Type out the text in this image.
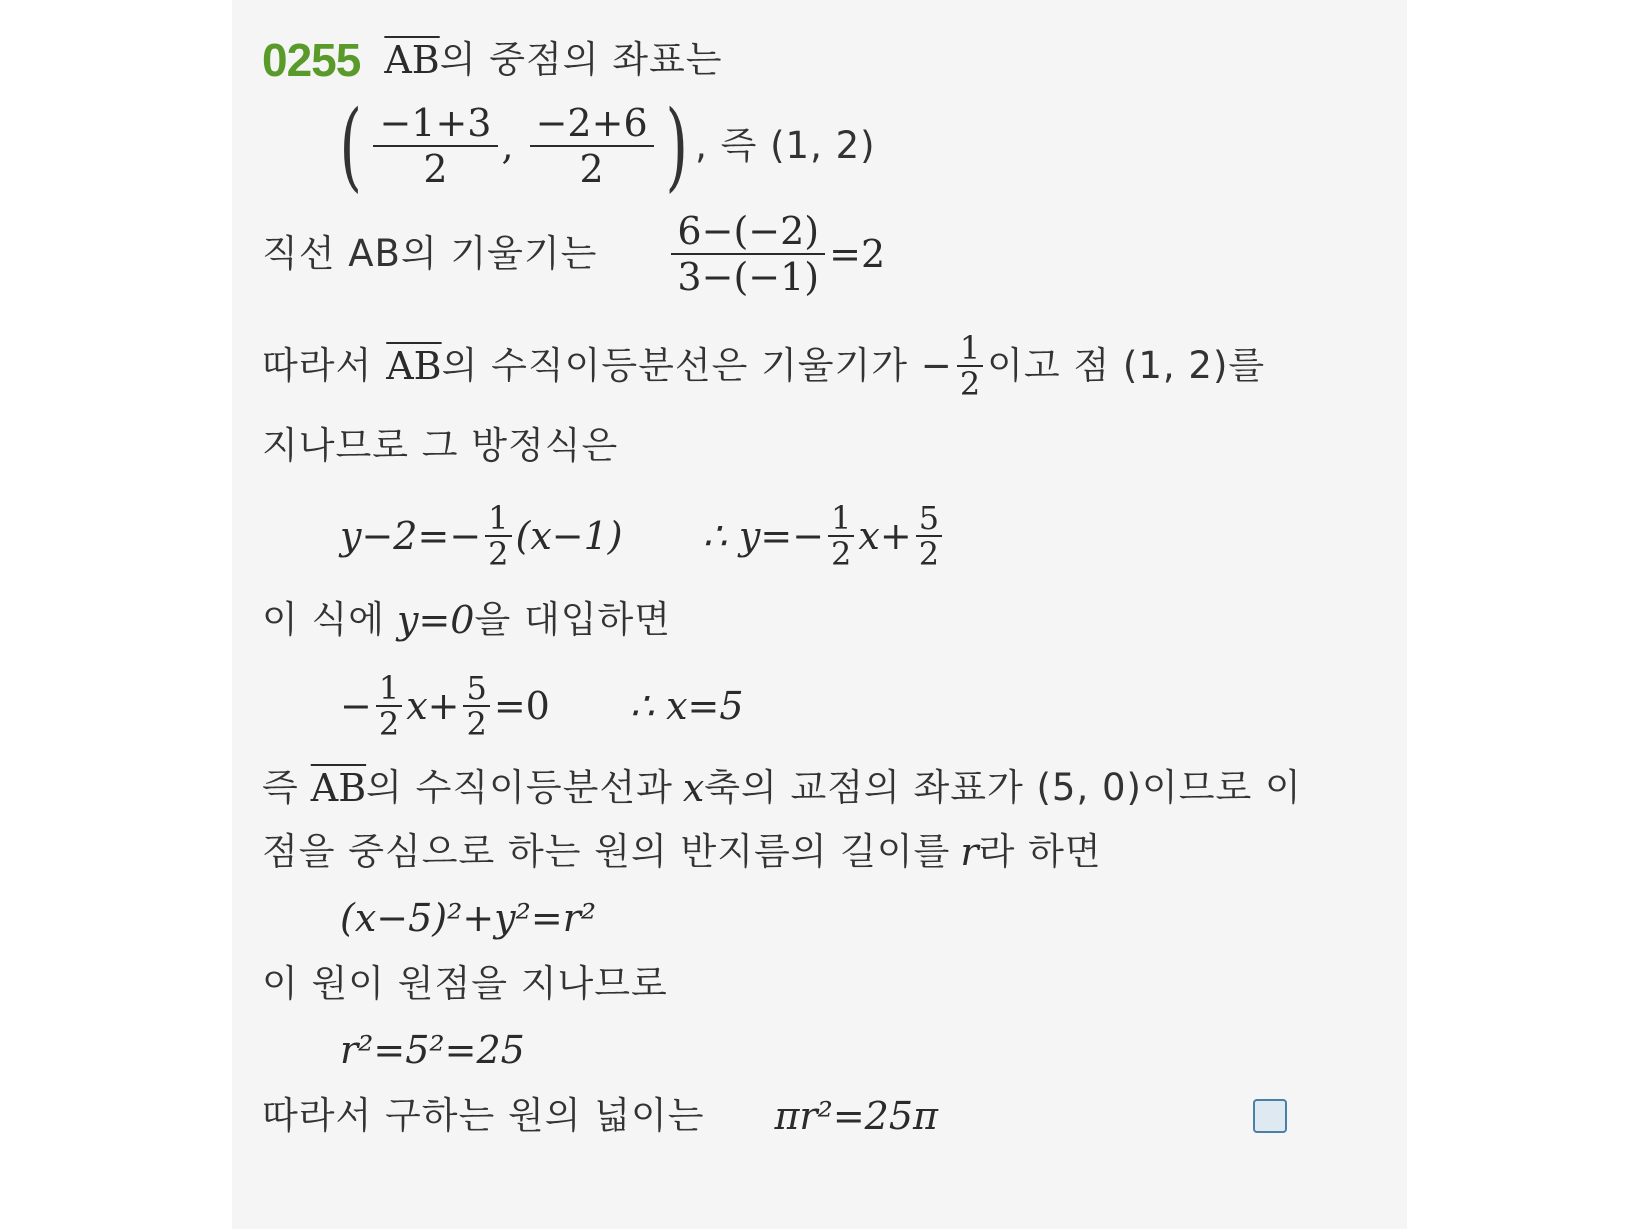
0255 $\overline{AB}$ 의 중점의 좌표는
( $\frac{-1+3}{2}$ , $\frac{-2+6}{2}$ ) , 즉 (1, 2)
직선 AB의 기울기는 $\frac{6-(-2)}{3-(-1)} =2$
따라서 $\overline{AB}$ 의 수직이등분선은 기울기가 − $\frac{1}{2}$ 이고 점 (1, 2)를
지나므로 그 방정식은
$y-2=- \frac{1}{2} (x-1)$ ∴ $y=- \frac{1}{2} x+ \frac{5}{2}$
이 식에 y=0 을 대입하면
− $\frac{1}{2} x+ \frac{5}{2} =0$ ∴ x=5
즉 $\overline{AB}$ 의 수직이등분선과 x 축의 교점의 좌표가 (5, 0)이므로 이
점을 중심으로 하는 원의 반지름의 길이를 r 라 하면
(x−5)²+y²=r²
이 원이 원점을 지나므로
r²=5²=25
따라서 구하는 원의 넓이는 πr²=25π
